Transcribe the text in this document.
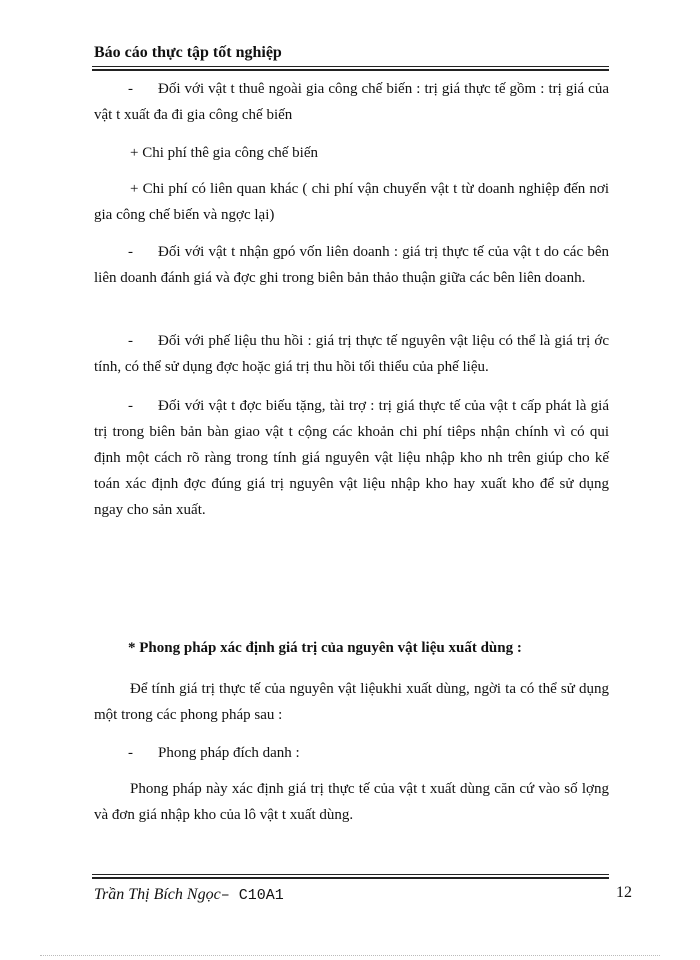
Báo cáo thực tập tốt nghiệp
- Đối với vật t thuê ngoài gia công chế biến : trị giá thực tế gồm : trị giá của vật t xuất đa đi gia công chế biến
+ Chi phí thê gia công chế biến
+ Chi phí có liên quan khác ( chi phí vận chuyển vật t từ doanh nghiệp đến nơi gia công chế biến và ngợc lại)
- Đối với vật t nhận gpó vốn liên doanh : giá trị thực tế của vật t do các bên liên doanh đánh giá và đợc ghi trong biên bản thảo thuận giữa các bên liên doanh.
- Đối với phế liệu thu hồi : giá trị thực tế nguyên vật liệu có thể là giá trị ớc tính, có thể sử dụng đợc hoặc giá trị thu hồi tối thiểu của phế liệu.
- Đối với vật t đợc biếu tặng, tài trợ : trị giá thực tế của vật t cấp phát là giá trị trong biên bản bàn giao vật t cộng các khoản chi phí tiêps nhận chính vì có qui định một cách rõ ràng trong tính giá nguyên vật liệu nhập kho nh trên giúp cho kế toán xác định đợc đúng giá trị nguyên vật liệu nhập kho hay xuất kho để sử dụng ngay cho sản xuất.
* Phong pháp xác định giá trị của nguyên vật liệu xuất dùng :
Để tính giá trị thực tế của nguyên vật liệukhi xuất dùng, ngời ta có thể sử dụng một trong các phong pháp sau :
- Phong pháp đích danh :
Phong pháp này xác định giá trị thực tế của vật t xuất dùng căn cứ vào số lợng và đơn giá nhập kho của lô vật t xuất dùng.
Trần Thị Bích Ngọc– C10A1	12
